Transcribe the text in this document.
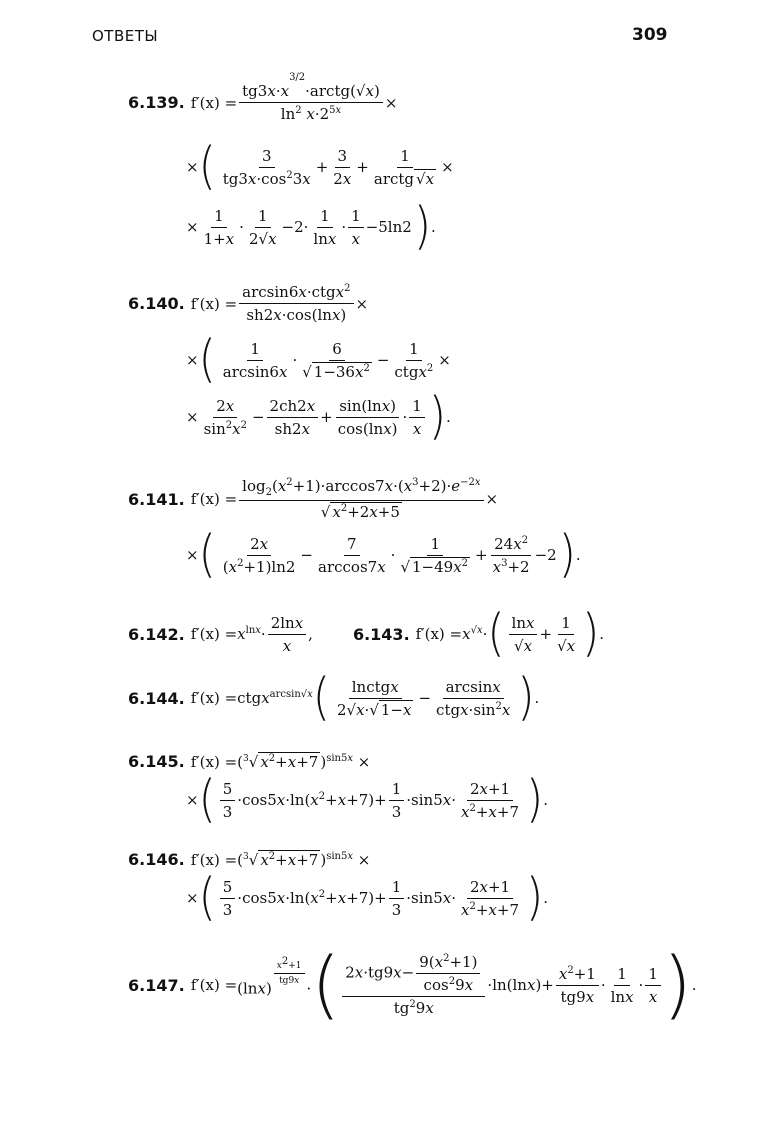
ОТВЕТЫ	309
6.139. $f'(x) = \frac{tg3x\cdot x^{3/2}\cdot arctg(√x)}{\ln^2 x\cdot 2^{5x}}$ ×
× ( $\frac{3}{tg3x\cdot\cos^23x} + \frac{3}{2x} + \frac{1}{\text{arctg √x}}$ ×
× $\frac{1}{1+x} \cdot \frac{1}{2√x} -2\cdot \frac{1}{\ln x} \cdot \frac{1}{x} -5\ln 2$ ) .
6.140. $f'(x) = \frac{\arcsin 6x\cdot ctgx^2}{sh2x\cdot\cos(\ln x)}$ ×
× ( $\frac{1}{\arcsin 6x} \cdot \frac{6}{√ 1-36x^2} - \frac{1}{ctgx^2}$ ×
× $\frac{2x}{\sin^2x^2} - \frac{2ch2x}{sh2x} + \frac{\sin(\ln x)}{\cos(\ln x)} \cdot \frac{1}{x}$ ) .
6.141. $f'(x) = \frac{\log_2(x^2+1)\cdot\arccos 7x\cdot(x^3+2)\cdot e^{-2x}}{√ x^2+2x+5}$ ×
× ( $\frac{2x}{(x^2+1)\ln 2} - \frac{7}{\arccos 7x} \cdot \frac{1}{√ 1-49x^2} + \frac{24x^2}{x^3+2} -2$ ) .
6.142. $f'(x) = x^{lnx}\cdot \frac{2\ln x}{x}$ ,	6.143. $f'(x) = x^{√x}\cdot$ ( $\frac{\ln x}{√x} + \frac{1}{√x}$ ) .
6.144. f′(x) = ctgx$^{arcsin√x}$ ( $\frac{\text{lnctgx}}{2√x\cdot√ 1-x} - \frac{\arcsin x}{ctgx\cdot\sin^2x}$ ) .
6.145. f′(x) = ($^3$√ $x^2+x+7$ )$^{sin5x}$ ×
× ( $\frac{5}{3} \cdot\cos 5x\cdot\ln(x^2+x+7)+ \frac{1}{3} \cdot\sin 5x\cdot \frac{2x+1}{x^2+x+7}$ ) .
6.146. f′(x) = ($^3$√ $x^2+x+7$ )$^{sin5x}$ ×
× ( $\frac{5}{3} \cdot\cos 5x\cdot\ln(x^2+x+7)+ \frac{1}{3} \cdot\sin 5x\cdot \frac{2x+1}{x^2+x+7}$ ) .
6.147. f′(x) = (lnx)
$^{\frac{x^2+1}{tg9x}}$
· ( $\frac{2x\cdot tg9x- \frac{9(x^2+1)}{\cos^29x}}{tg^29x} \cdot\ln(\ln x)+ \frac{x^2+1}{tg9x} \cdot \frac{1}{\ln x} \cdot \frac{1}{x}$ ) .
